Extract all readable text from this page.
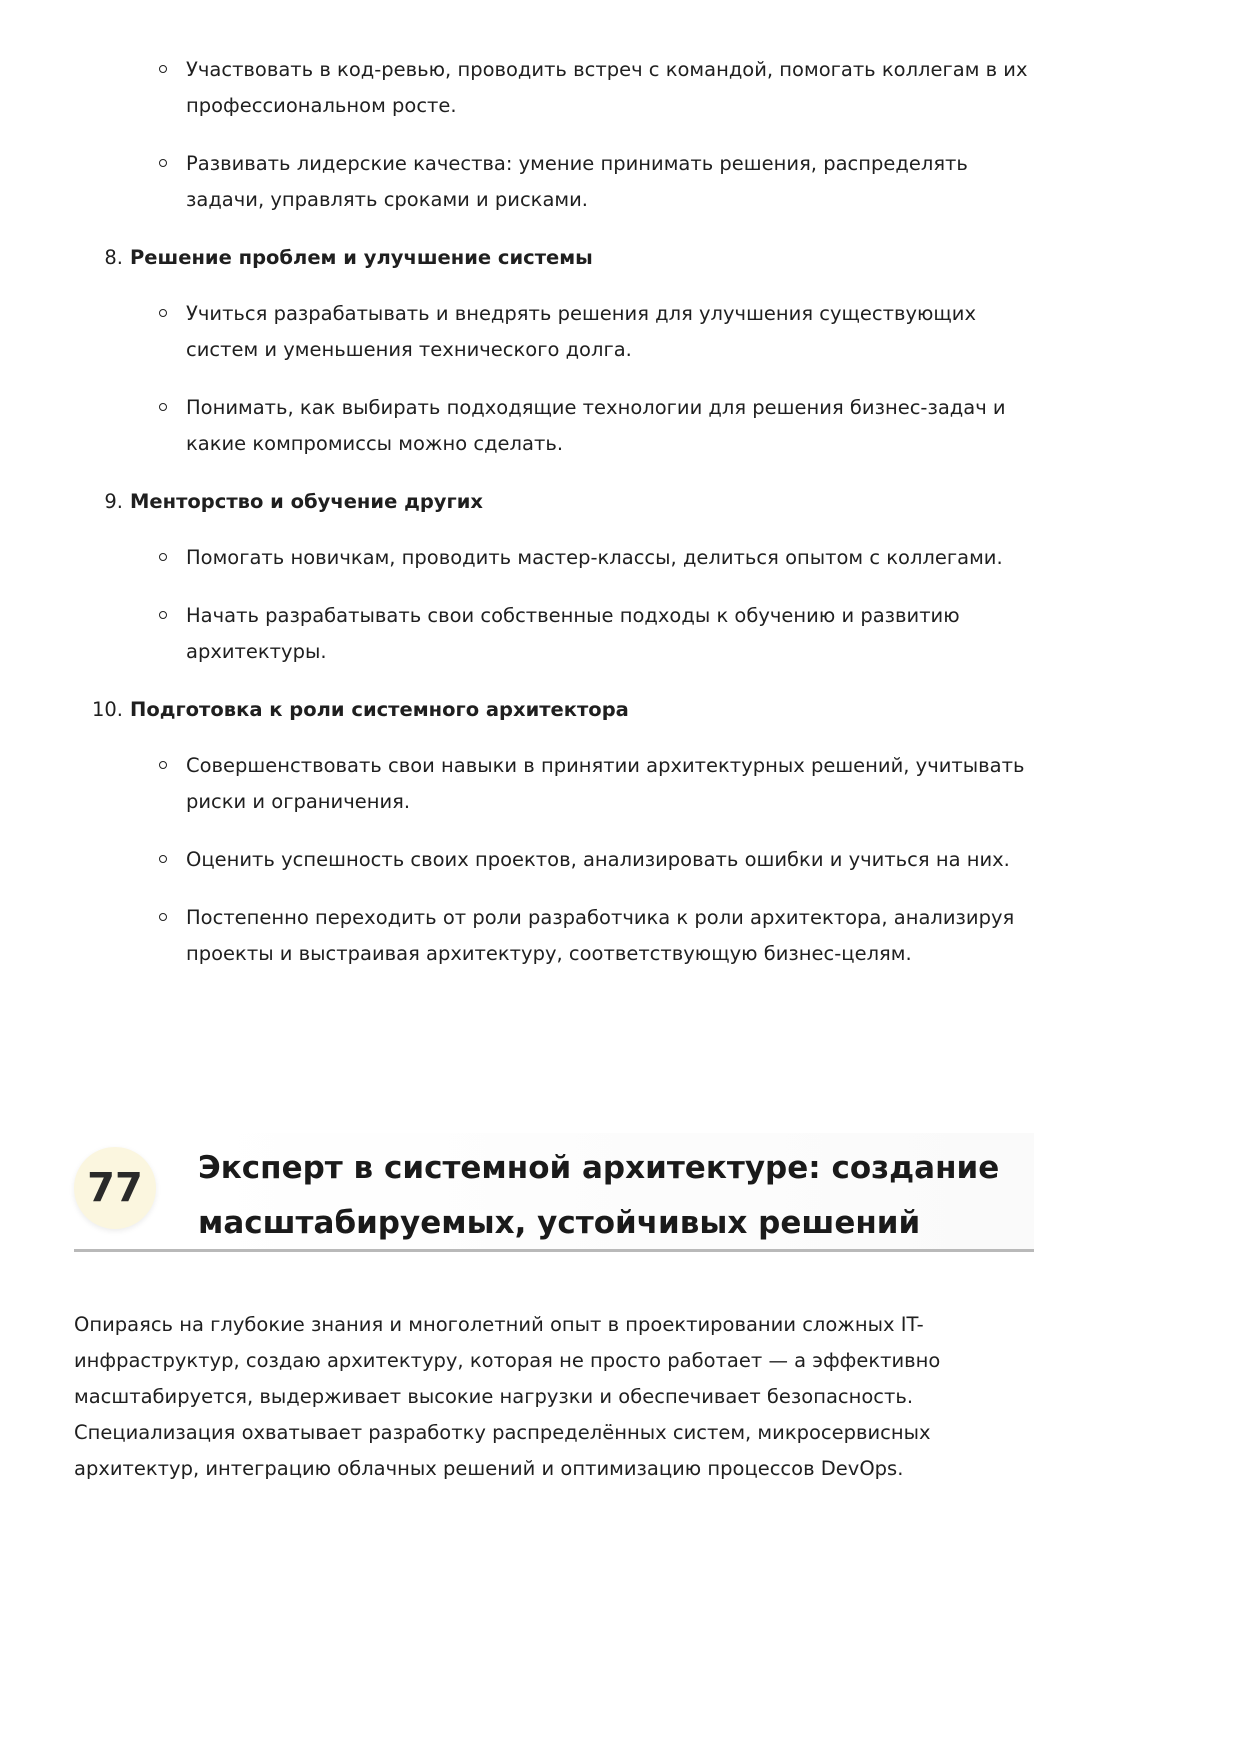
Участвовать в код-ревью, проводить встреч с командой, помогать коллегам в их профессиональном росте.
Развивать лидерские качества: умение принимать решения, распределять задачи, управлять сроками и рисками.
8. Решение проблем и улучшение системы
Учиться разрабатывать и внедрять решения для улучшения существующих систем и уменьшения технического долга.
Понимать, как выбирать подходящие технологии для решения бизнес-задач и какие компромиссы можно сделать.
9. Менторство и обучение других
Помогать новичкам, проводить мастер-классы, делиться опытом с коллегами.
Начать разрабатывать свои собственные подходы к обучению и развитию архитектуры.
10. Подготовка к роли системного архитектора
Совершенствовать свои навыки в принятии архитектурных решений, учитывать риски и ограничения.
Оценить успешность своих проектов, анализировать ошибки и учиться на них.
Постепенно переходить от роли разработчика к роли архитектора, анализируя проекты и выстраивая архитектуру, соответствующую бизнес-целям.
77	Эксперт в системной архитектуре: создание масштабируемых, устойчивых решений

Опираясь на глубокие знания и многолетний опыт в проектировании сложных IT-инфраструктур, создаю архитектуру, которая не просто работает — а эффективно масштабируется, выдерживает высокие нагрузки и обеспечивает безопасность. Специализация охватывает разработку распределённых систем, микросервисных архитектур, интеграцию облачных решений и оптимизацию процессов DevOps.
